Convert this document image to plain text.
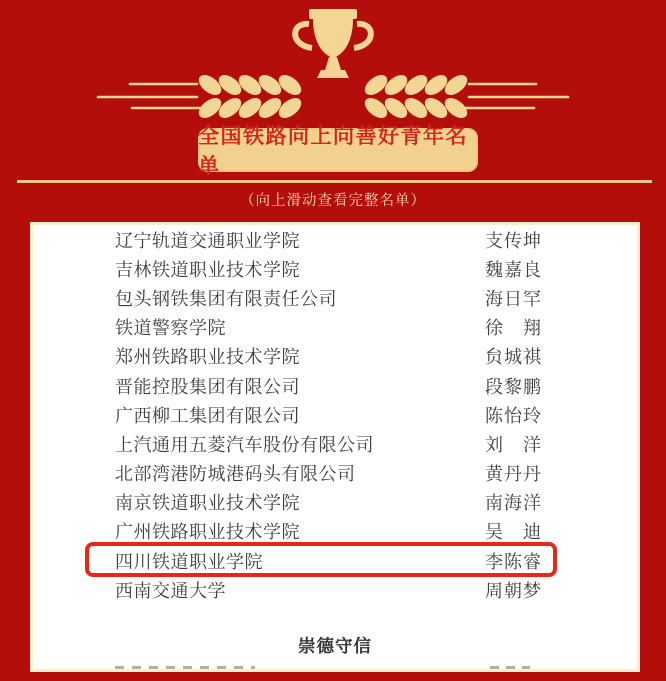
全国铁路向上向善好青年名单
（向上滑动查看完整名单）
辽宁轨道交通职业学院	支传坤
吉林铁道职业技术学院	魏嘉良
包头钢铁集团有限责任公司	海日罕
铁道警察学院	徐　翔
郑州铁路职业技术学院	贠城祺
晋能控股集团有限公司	段黎鹏
广西柳工集团有限公司	陈怡玲
上汽通用五菱汽车股份有限公司	刘　洋
北部湾港防城港码头有限公司	黄丹丹
南京铁道职业技术学院	南海洋
广州铁路职业技术学院	吴　迪
四川铁道职业学院	李陈睿
西南交通大学	周朝梦
崇德守信
